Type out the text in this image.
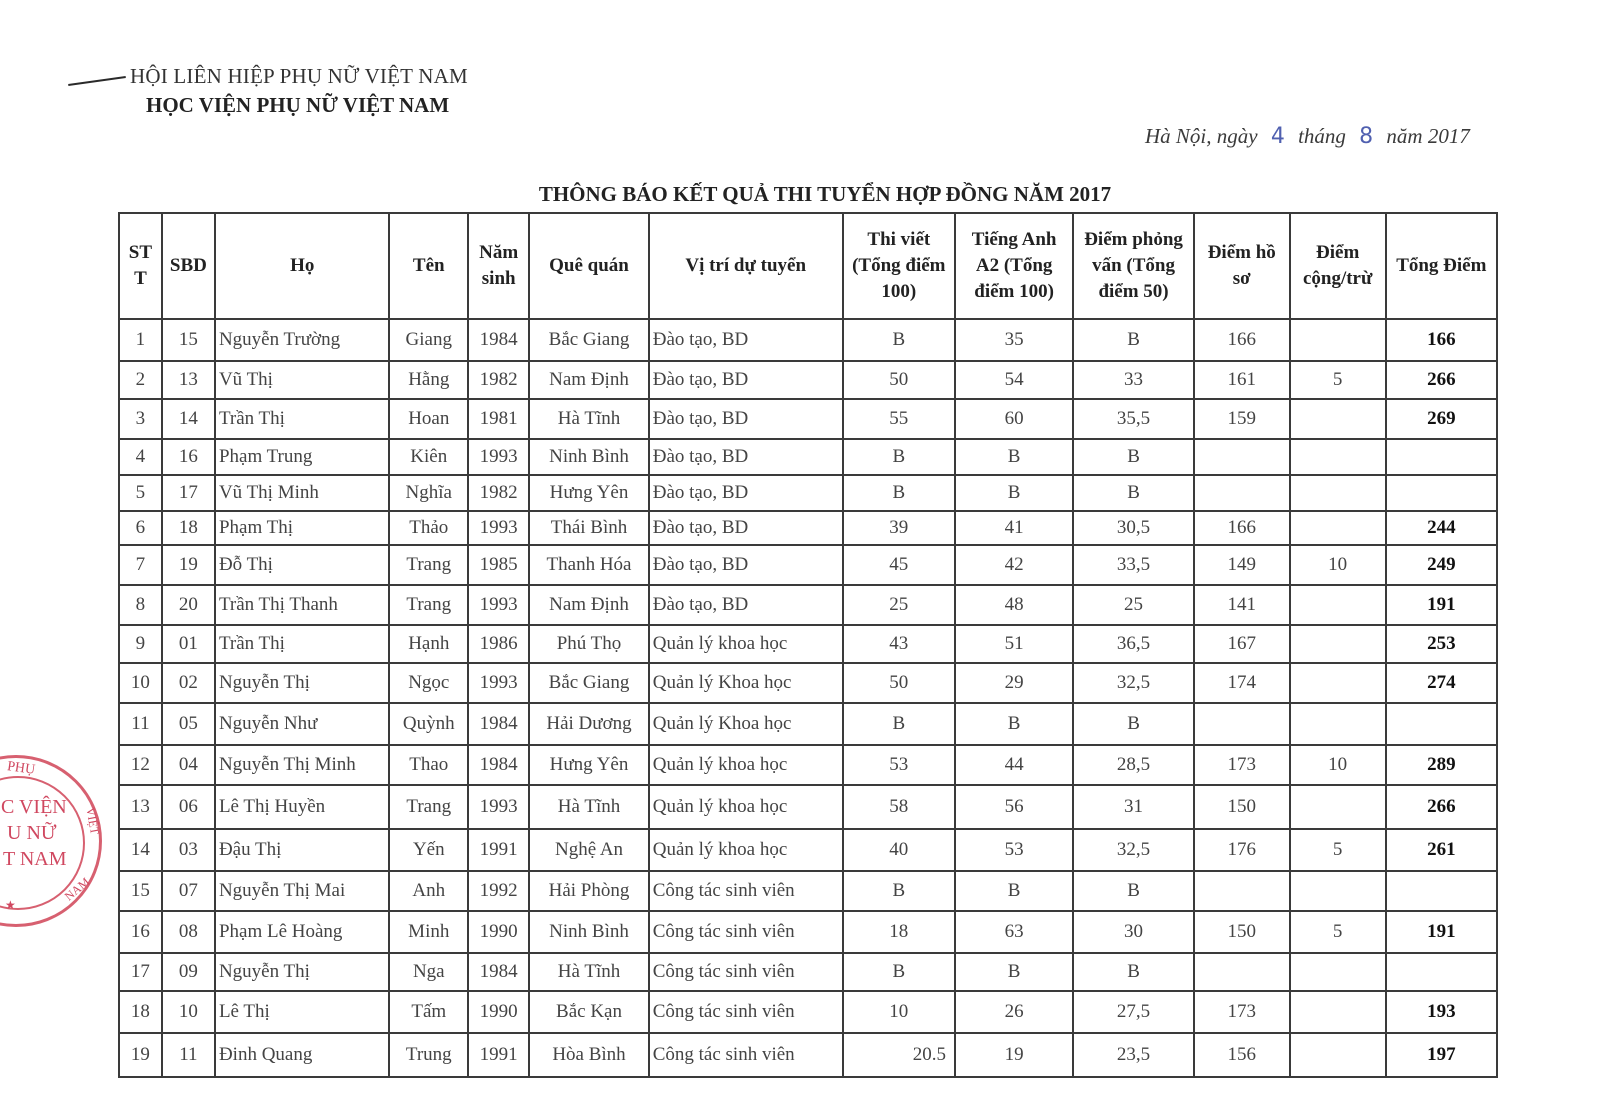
HỘI LIÊN HIỆP PHỤ NỮ VIỆT NAM
HỌC VIỆN PHỤ NỮ VIỆT NAM
Hà Nội, ngày 4 tháng 8 năm 2017
THÔNG BÁO KẾT QUẢ THI TUYỂN HỢP ĐỒNG NĂM 2017
ST T	SBD	Họ	Tên	Năm sinh	Quê quán	Vị trí dự tuyển	Thi viết (Tổng điểm 100)	Tiếng Anh A2 (Tổng điểm 100)	Điểm phỏng vấn (Tổng điểm 50)	Điểm hồ sơ	Điểm cộng/trừ	Tổng Điểm
1	15	Nguyễn Trường	Giang	1984	Bắc Giang	Đào tạo, BD	B	35	B	166		166
2	13	Vũ Thị	Hằng	1982	Nam Định	Đào tạo, BD	50	54	33	161	5	266
3	14	Trần Thị	Hoan	1981	Hà Tĩnh	Đào tạo, BD	55	60	35,5	159		269
4	16	Phạm Trung	Kiên	1993	Ninh Bình	Đào tạo, BD	B	B	B			
5	17	Vũ Thị Minh	Nghĩa	1982	Hưng Yên	Đào tạo, BD	B	B	B			
6	18	Phạm Thị	Thảo	1993	Thái Bình	Đào tạo, BD	39	41	30,5	166		244
7	19	Đỗ Thị	Trang	1985	Thanh Hóa	Đào tạo, BD	45	42	33,5	149	10	249
8	20	Trần Thị Thanh	Trang	1993	Nam Định	Đào tạo, BD	25	48	25	141		191
9	01	Trần Thị	Hạnh	1986	Phú Thọ	Quản lý khoa học	43	51	36,5	167		253
10	02	Nguyễn Thị	Ngọc	1993	Bắc Giang	Quản lý Khoa học	50	29	32,5	174		274
11	05	Nguyễn Như	Quỳnh	1984	Hải Dương	Quản lý Khoa học	B	B	B			
12	04	Nguyễn Thị Minh	Thao	1984	Hưng Yên	Quản lý khoa học	53	44	28,5	173	10	289
13	06	Lê Thị Huyền	Trang	1993	Hà Tĩnh	Quản lý khoa học	58	56	31	150		266
14	03	Đậu Thị	Yến	1991	Nghệ An	Quản lý khoa học	40	53	32,5	176	5	261
15	07	Nguyễn Thị Mai	Anh	1992	Hải Phòng	Công tác sinh viên	B	B	B			
16	08	Phạm Lê Hoàng	Minh	1990	Ninh Bình	Công tác sinh viên	18	63	30	150	5	191
17	09	Nguyễn Thị	Nga	1984	Hà Tĩnh	Công tác sinh viên	B	B	B			
18	10	Lê Thị	Tấm	1990	Bắc Kạn	Công tác sinh viên	10	26	27,5	173		193
19	11	Đinh Quang	Trung	1991	Hòa Bình	Công tác sinh viên	20.5	19	23,5	156		197
PHỤ
C VIỆN
U NỮ
T NAM
VIỆT
NAM
★
